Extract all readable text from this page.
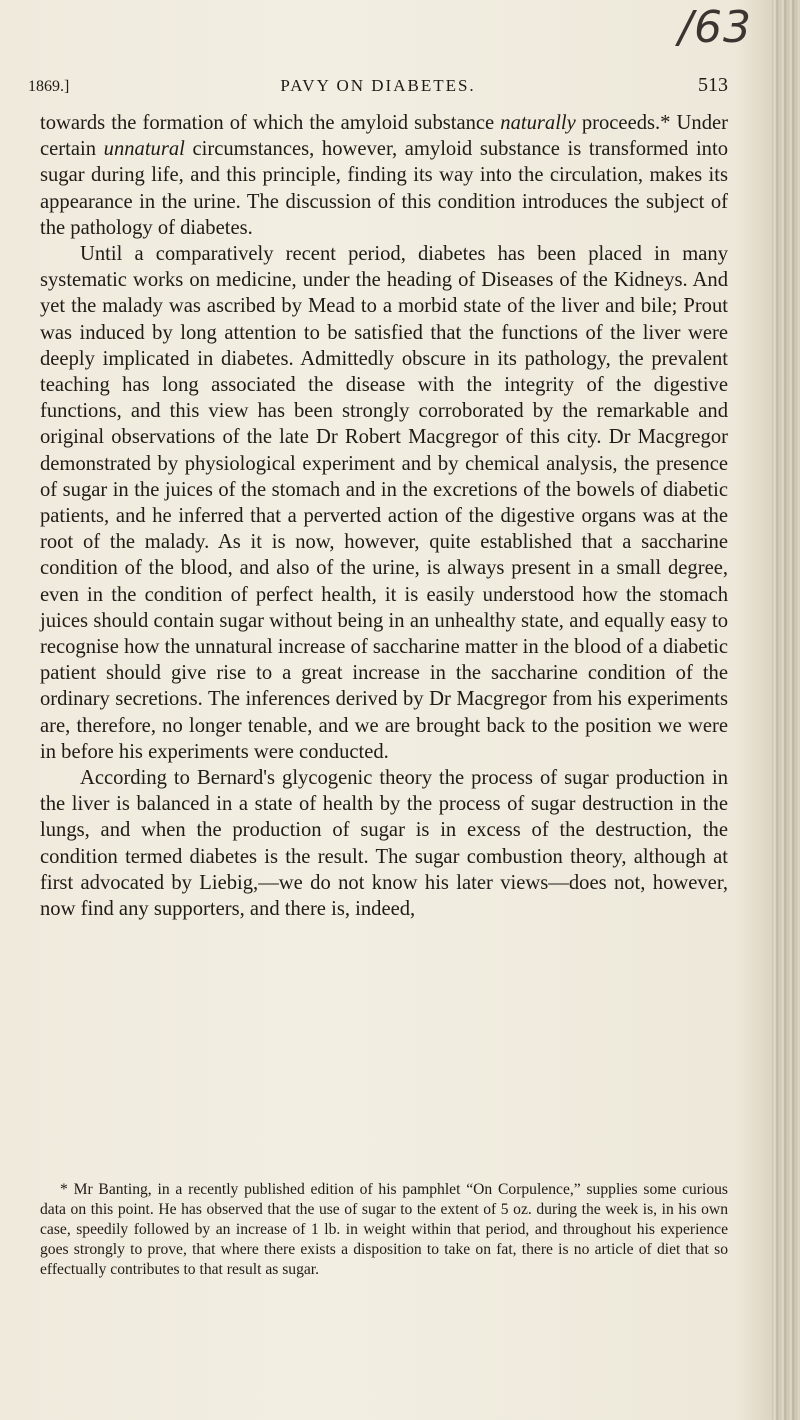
/63
1869.]	PAVY ON DIABETES.	513

towards the formation of which the amyloid substance naturally proceeds.* Under certain unnatural circumstances, however, amyloid substance is transformed into sugar during life, and this principle, finding its way into the circulation, makes its appearance in the urine. The discussion of this condition introduces the subject of the pathology of diabetes.

Until a comparatively recent period, diabetes has been placed in many systematic works on medicine, under the heading of Diseases of the Kidneys. And yet the malady was ascribed by Mead to a morbid state of the liver and bile; Prout was induced by long attention to be satisfied that the functions of the liver were deeply implicated in diabetes. Admittedly obscure in its pathology, the prevalent teaching has long associated the disease with the integrity of the digestive functions, and this view has been strongly corroborated by the remarkable and original observations of the late Dr Robert Macgregor of this city. Dr Macgregor demonstrated by physiological experiment and by chemical analysis, the presence of sugar in the juices of the stomach and in the excretions of the bowels of diabetic patients, and he inferred that a perverted action of the digestive organs was at the root of the malady. As it is now, however, quite established that a saccharine condition of the blood, and also of the urine, is always present in a small degree, even in the condition of perfect health, it is easily understood how the stomach juices should contain sugar without being in an unhealthy state, and equally easy to recognise how the unnatural increase of saccharine matter in the blood of a diabetic patient should give rise to a great increase in the saccharine condition of the ordinary secretions. The inferences derived by Dr Macgregor from his experiments are, therefore, no longer tenable, and we are brought back to the position we were in before his experiments were conducted.

According to Bernard's glycogenic theory the process of sugar production in the liver is balanced in a state of health by the process of sugar destruction in the lungs, and when the production of sugar is in excess of the destruction, the condition termed diabetes is the result. The sugar combustion theory, although at first advocated by Liebig,—we do not know his later views—does not, however, now find any supporters, and there is, indeed,

* Mr Banting, in a recently published edition of his pamphlet “On Corpulence,” supplies some curious data on this point. He has observed that the use of sugar to the extent of 5 oz. during the week is, in his own case, speedily followed by an increase of 1 lb. in weight within that period, and throughout his experience goes strongly to prove, that where there exists a disposition to take on fat, there is no article of diet that so effectually contributes to that result as sugar.
